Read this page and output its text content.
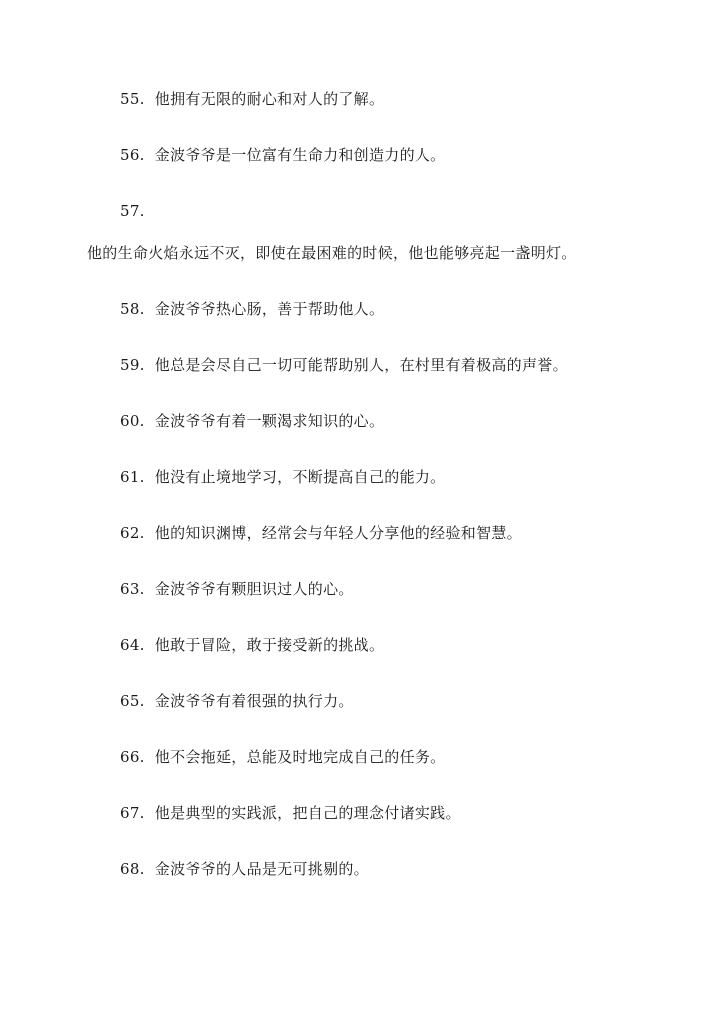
55. 他拥有无限的耐心和对人的了解。
56. 金波爷爷是一位富有生命力和创造力的人。
57.
他的生命火焰永远不灭，即使在最困难的时候，他也能够亮起一盏明灯。
58. 金波爷爷热心肠，善于帮助他人。
59. 他总是会尽自己一切可能帮助别人，在村里有着极高的声誉。
60. 金波爷爷有着一颗渴求知识的心。
61. 他没有止境地学习，不断提高自己的能力。
62. 他的知识渊博，经常会与年轻人分享他的经验和智慧。
63. 金波爷爷有颗胆识过人的心。
64. 他敢于冒险，敢于接受新的挑战。
65. 金波爷爷有着很强的执行力。
66. 他不会拖延，总能及时地完成自己的任务。
67. 他是典型的实践派，把自己的理念付诸实践。
68. 金波爷爷的人品是无可挑剔的。
